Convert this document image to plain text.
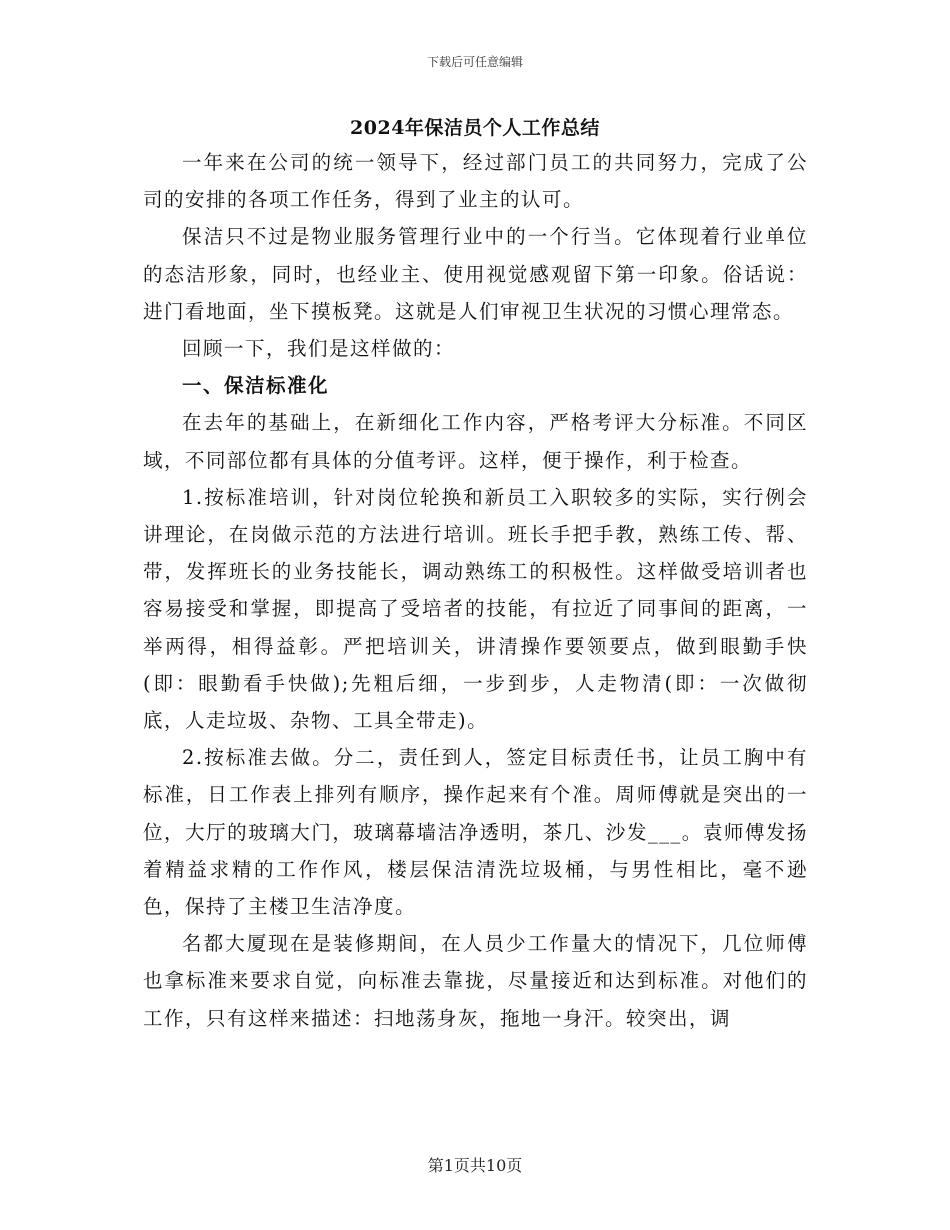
下载后可任意编辑
2024年保洁员个人工作总结

一年来在公司的统一领导下，经过部门员工的共同努力，完成了公司的安排的各项工作任务，得到了业主的认可。

保洁只不过是物业服务管理行业中的一个行当。它体现着行业单位的态洁形象，同时，也经业主、使用视觉感观留下第一印象。俗话说：进门看地面，坐下摸板凳。这就是人们审视卫生状况的习惯心理常态。

回顾一下，我们是这样做的：

一、保洁标准化

在去年的基础上，在新细化工作内容，严格考评大分标准。不同区域，不同部位都有具体的分值考评。这样，便于操作，利于检查。

1.按标准培训，针对岗位轮换和新员工入职较多的实际，实行例会讲理论，在岗做示范的方法进行培训。班长手把手教，熟练工传、帮、带，发挥班长的业务技能长，调动熟练工的积极性。这样做受培训者也容易接受和掌握，即提高了受培者的技能，有拉近了同事间的距离，一举两得，相得益彰。严把培训关，讲清操作要领要点，做到眼勤手快(即：眼勤看手快做);先粗后细，一步到步，人走物清(即：一次做彻底，人走垃圾、杂物、工具全带走)。

2.按标准去做。分二，责任到人，签定目标责任书，让员工胸中有标准，日工作表上排列有顺序，操作起来有个准。周师傅就是突出的一位，大厅的玻璃大门，玻璃幕墙洁净透明，茶几、沙发___。袁师傅发扬着精益求精的工作作风，楼层保洁清洗垃圾桶，与男性相比，毫不逊色，保持了主楼卫生洁净度。

名都大厦现在是装修期间，在人员少工作量大的情况下，几位师傅也拿标准来要求自觉，向标准去靠拢，尽量接近和达到标准。对他们的工作，只有这样来描述：扫地荡身灰，拖地一身汗。较突出，调

第1页共10页
